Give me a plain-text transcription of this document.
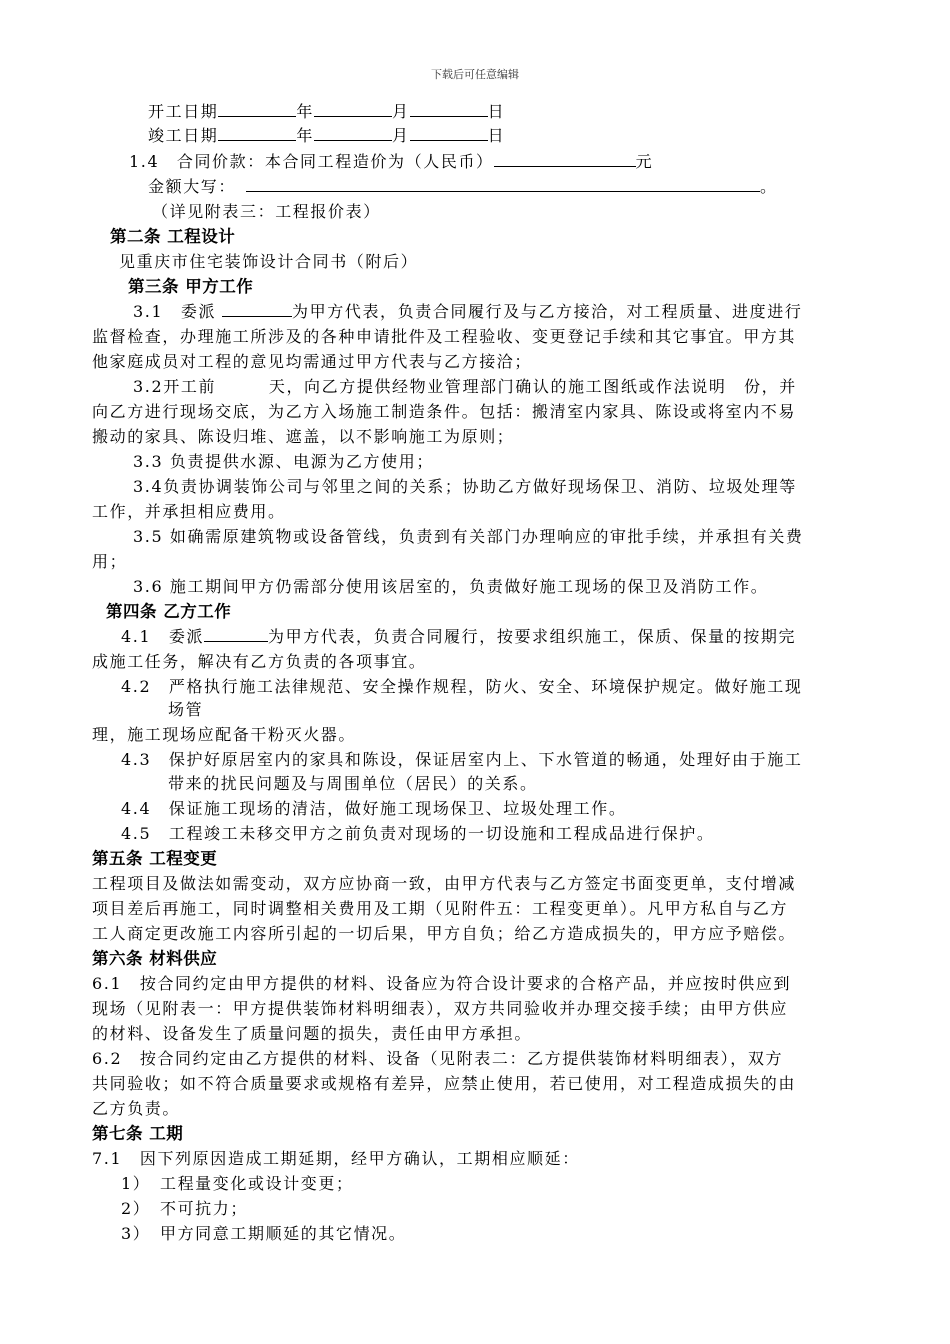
下载后可任意编辑
开工日期	年	月	日
竣工日期	年	月	日
1.4　合同价款：本合同工程造价为（人民币）	元
金额大写：	。
（详见附表三：工程报价表）
第二条 工程设计
见重庆市住宅装饰设计合同书（附后）
第三条 甲方工作
3.1　委派	为甲方代表，负责合同履行及与乙方接洽，对工程质量、进度进行
监督检查，办理施工所涉及的各种申请批件及工程验收、变更登记手续和其它事宜。甲方其
他家庭成员对工程的意见均需通过甲方代表与乙方接洽；
3.2开工前　　　天，向乙方提供经物业管理部门确认的施工图纸或作法说明　份，并
向乙方进行现场交底，为乙方入场施工制造条件。包括：搬清室内家具、陈设或将室内不易
搬动的家具、陈设归堆、遮盖，以不影响施工为原则；
3.3 负责提供水源、电源为乙方使用；
3.4负责协调装饰公司与邻里之间的关系；协助乙方做好现场保卫、消防、垃圾处理等
工作，并承担相应费用。
3.5 如确需原建筑物或设备管线，负责到有关部门办理响应的审批手续，并承担有关费
用；
3.6 施工期间甲方仍需部分使用该居室的，负责做好施工现场的保卫及消防工作。
第四条 乙方工作
4.1　委派	为甲方代表，负责合同履行，按要求组织施工，保质、保量的按期完
成施工任务，解决有乙方负责的各项事宜。
4.2　严格执行施工法律规范、安全操作规程，防火、安全、环境保护规定。做好施工现
场管
理，施工现场应配备干粉灭火器。
4.3　保护好原居室内的家具和陈设，保证居室内上、下水管道的畅通，处理好由于施工
带来的扰民问题及与周围单位（居民）的关系。
4.4　保证施工现场的清洁，做好施工现场保卫、垃圾处理工作。
4.5　工程竣工未移交甲方之前负责对现场的一切设施和工程成品进行保护。
第五条 工程变更
工程项目及做法如需变动，双方应协商一致，由甲方代表与乙方签定书面变更单，支付增减
项目差后再施工，同时调整相关费用及工期（见附件五：工程变更单）。凡甲方私自与乙方
工人商定更改施工内容所引起的一切后果，甲方自负；给乙方造成损失的，甲方应予赔偿。
第六条 材料供应
6.1　按合同约定由甲方提供的材料、设备应为符合设计要求的合格产品，并应按时供应到
现场（见附表一：甲方提供装饰材料明细表），双方共同验收并办理交接手续；由甲方供应
的材料、设备发生了质量问题的损失，责任由甲方承担。
6.2　按合同约定由乙方提供的材料、设备（见附表二：乙方提供装饰材料明细表），双方
共同验收；如不符合质量要求或规格有差异，应禁止使用，若已使用，对工程造成损失的由
乙方负责。
第七条 工期
7.1　因下列原因造成工期延期，经甲方确认，工期相应顺延：
1）　工程量变化或设计变更；
2）　不可抗力；
3）　甲方同意工期顺延的其它情况。
